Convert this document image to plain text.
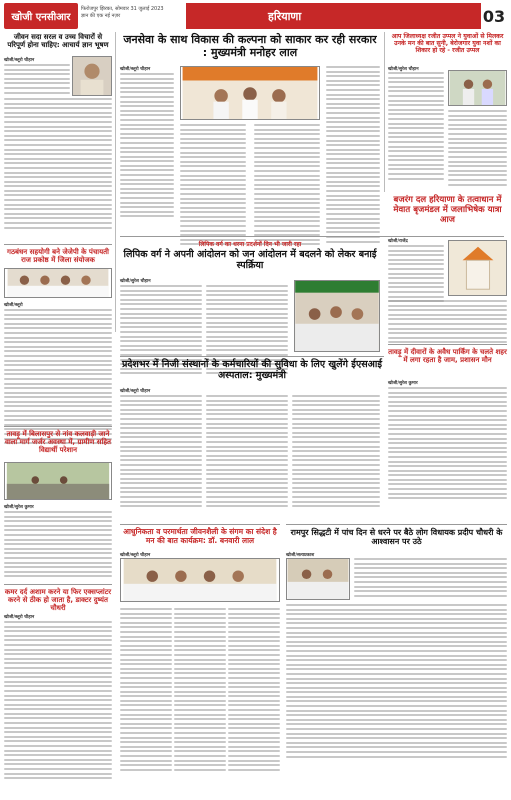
खोजी एनसीआर
फिरोजपुर झिरका, सोमवार 31 जुलाई 2023
ज्ञान की एक नई नज़र	हरियाणा	03
जीवन सदा सरल व उच्च विचारों से परिपूर्ण होना चाहिए: आचार्य ज्ञान भूषण
खोजी/ब्लूरो चौहान
जनसेवा के साथ विकास की कल्पना को साकार कर रही सरकार : मुख्यमंत्री मनोहर लाल
खोजी/ब्लूरो चौहान
आप जिलाध्यक्ष रजीत उप्पल ने युवाओं से मिलकर उनके मन की बात सुनी, बेरोजगार युवा नशों का शिकार हो रहे - रजीत उप्पल
खोजी/सुरेश चौहान
गठबंधन सहयोगी बने जेजेपी के पंचायती राज प्रकोष्ठ में जिला संयोजक
खोजी/ब्लूरो
लिपिक वर्ग का धरना प्रदर्शनों दिन भी जारी रहा
लिपिक वर्ग ने अपनी आंदोलन को जन आंदोलन में बदलने को लेकर बनाई स्पर्क्रिया
खोजी/सुरेश चौहान
बजरंग दल हरियाणा के तत्वाधान में मेवात बृजमंडल में जलाभिषेक यात्रा आज
खोजी/राजेंद्र
तावड़ू में बिलासपुर से नांव कलवाड़ी जाने वाला मार्ग जर्जर अवस्था में, ग्रामीण सहित विद्यार्थी परेशान
खोजी/सुरेश कुमार
प्रदेशभर में निजी संस्थानों के कर्मचारियों की सुविधा के लिए खुलेंगे ईएसआई अस्पताल: मुख्यमंत्री
खोजी/ब्लूरो चौहान
तावड़ू में दीवारों के अवैध पार्किंग के चलते शहर में लगा रहता है जाम, प्रशासन मौन
खोजी/सुरेश कुमार
कमर दर्द अशाम करने या फिर एक्सप्लांटर करने से ठीक हो जाता है, डाक्टर दुष्यंत चौधरी
खोजी/ब्लूरो चौहान
आधुनिकता व परमार्थता जीवनशैली के संगम का संदेश है मन की बात कार्यक्रम: डॉ. बनवारी लाल
खोजी/ब्लूरो चौहान
रामपुर सिद्धटी में पांच दिन से धरने पर बैठे लोग विधायक प्रदीप चौधरी के आश्वासन पर उठे
खोजी/सत्यप्रकाश
